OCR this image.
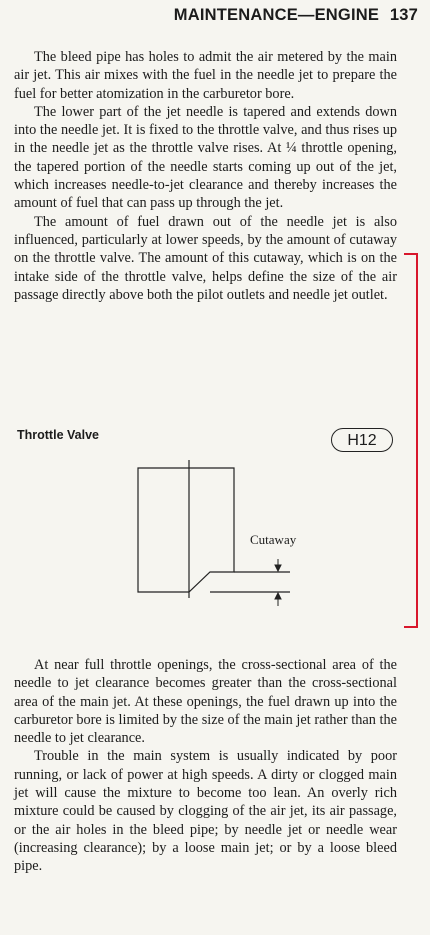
MAINTENANCE—ENGINE 137

The bleed pipe has holes to admit the air metered by the main air jet. This air mixes with the fuel in the needle jet to prepare the fuel for better atomization in the carburetor bore.

The lower part of the jet needle is tapered and extends down into the needle jet. It is fixed to the throttle valve, and thus rises up in the needle jet as the throttle valve rises. At ¼ throttle opening, the tapered portion of the needle starts coming up out of the jet, which increases needle-to-jet clearance and thereby increases the amount of fuel that can pass up through the jet.

The amount of fuel drawn out of the needle jet is also influenced, particularly at lower speeds, by the amount of cutaway on the throttle valve. The amount of this cutaway, which is on the intake side of the throttle valve, helps define the size of the air passage directly above both the pilot outlets and needle jet outlet.

Throttle Valve	H12
Cutaway

At near full throttle openings, the cross-sectional area of the needle to jet clearance becomes greater than the cross-sectional area of the main jet. At these openings, the fuel drawn up into the carburetor bore is limited by the size of the main jet rather than the needle to jet clearance.

Trouble in the main system is usually indicated by poor running, or lack of power at high speeds. A dirty or clogged main jet will cause the mixture to become too lean. An overly rich mixture could be caused by clogging of the air jet, its air passage, or the air holes in the bleed pipe; by needle jet or needle wear (increasing clearance); by a loose main jet; or by a loose bleed pipe.
